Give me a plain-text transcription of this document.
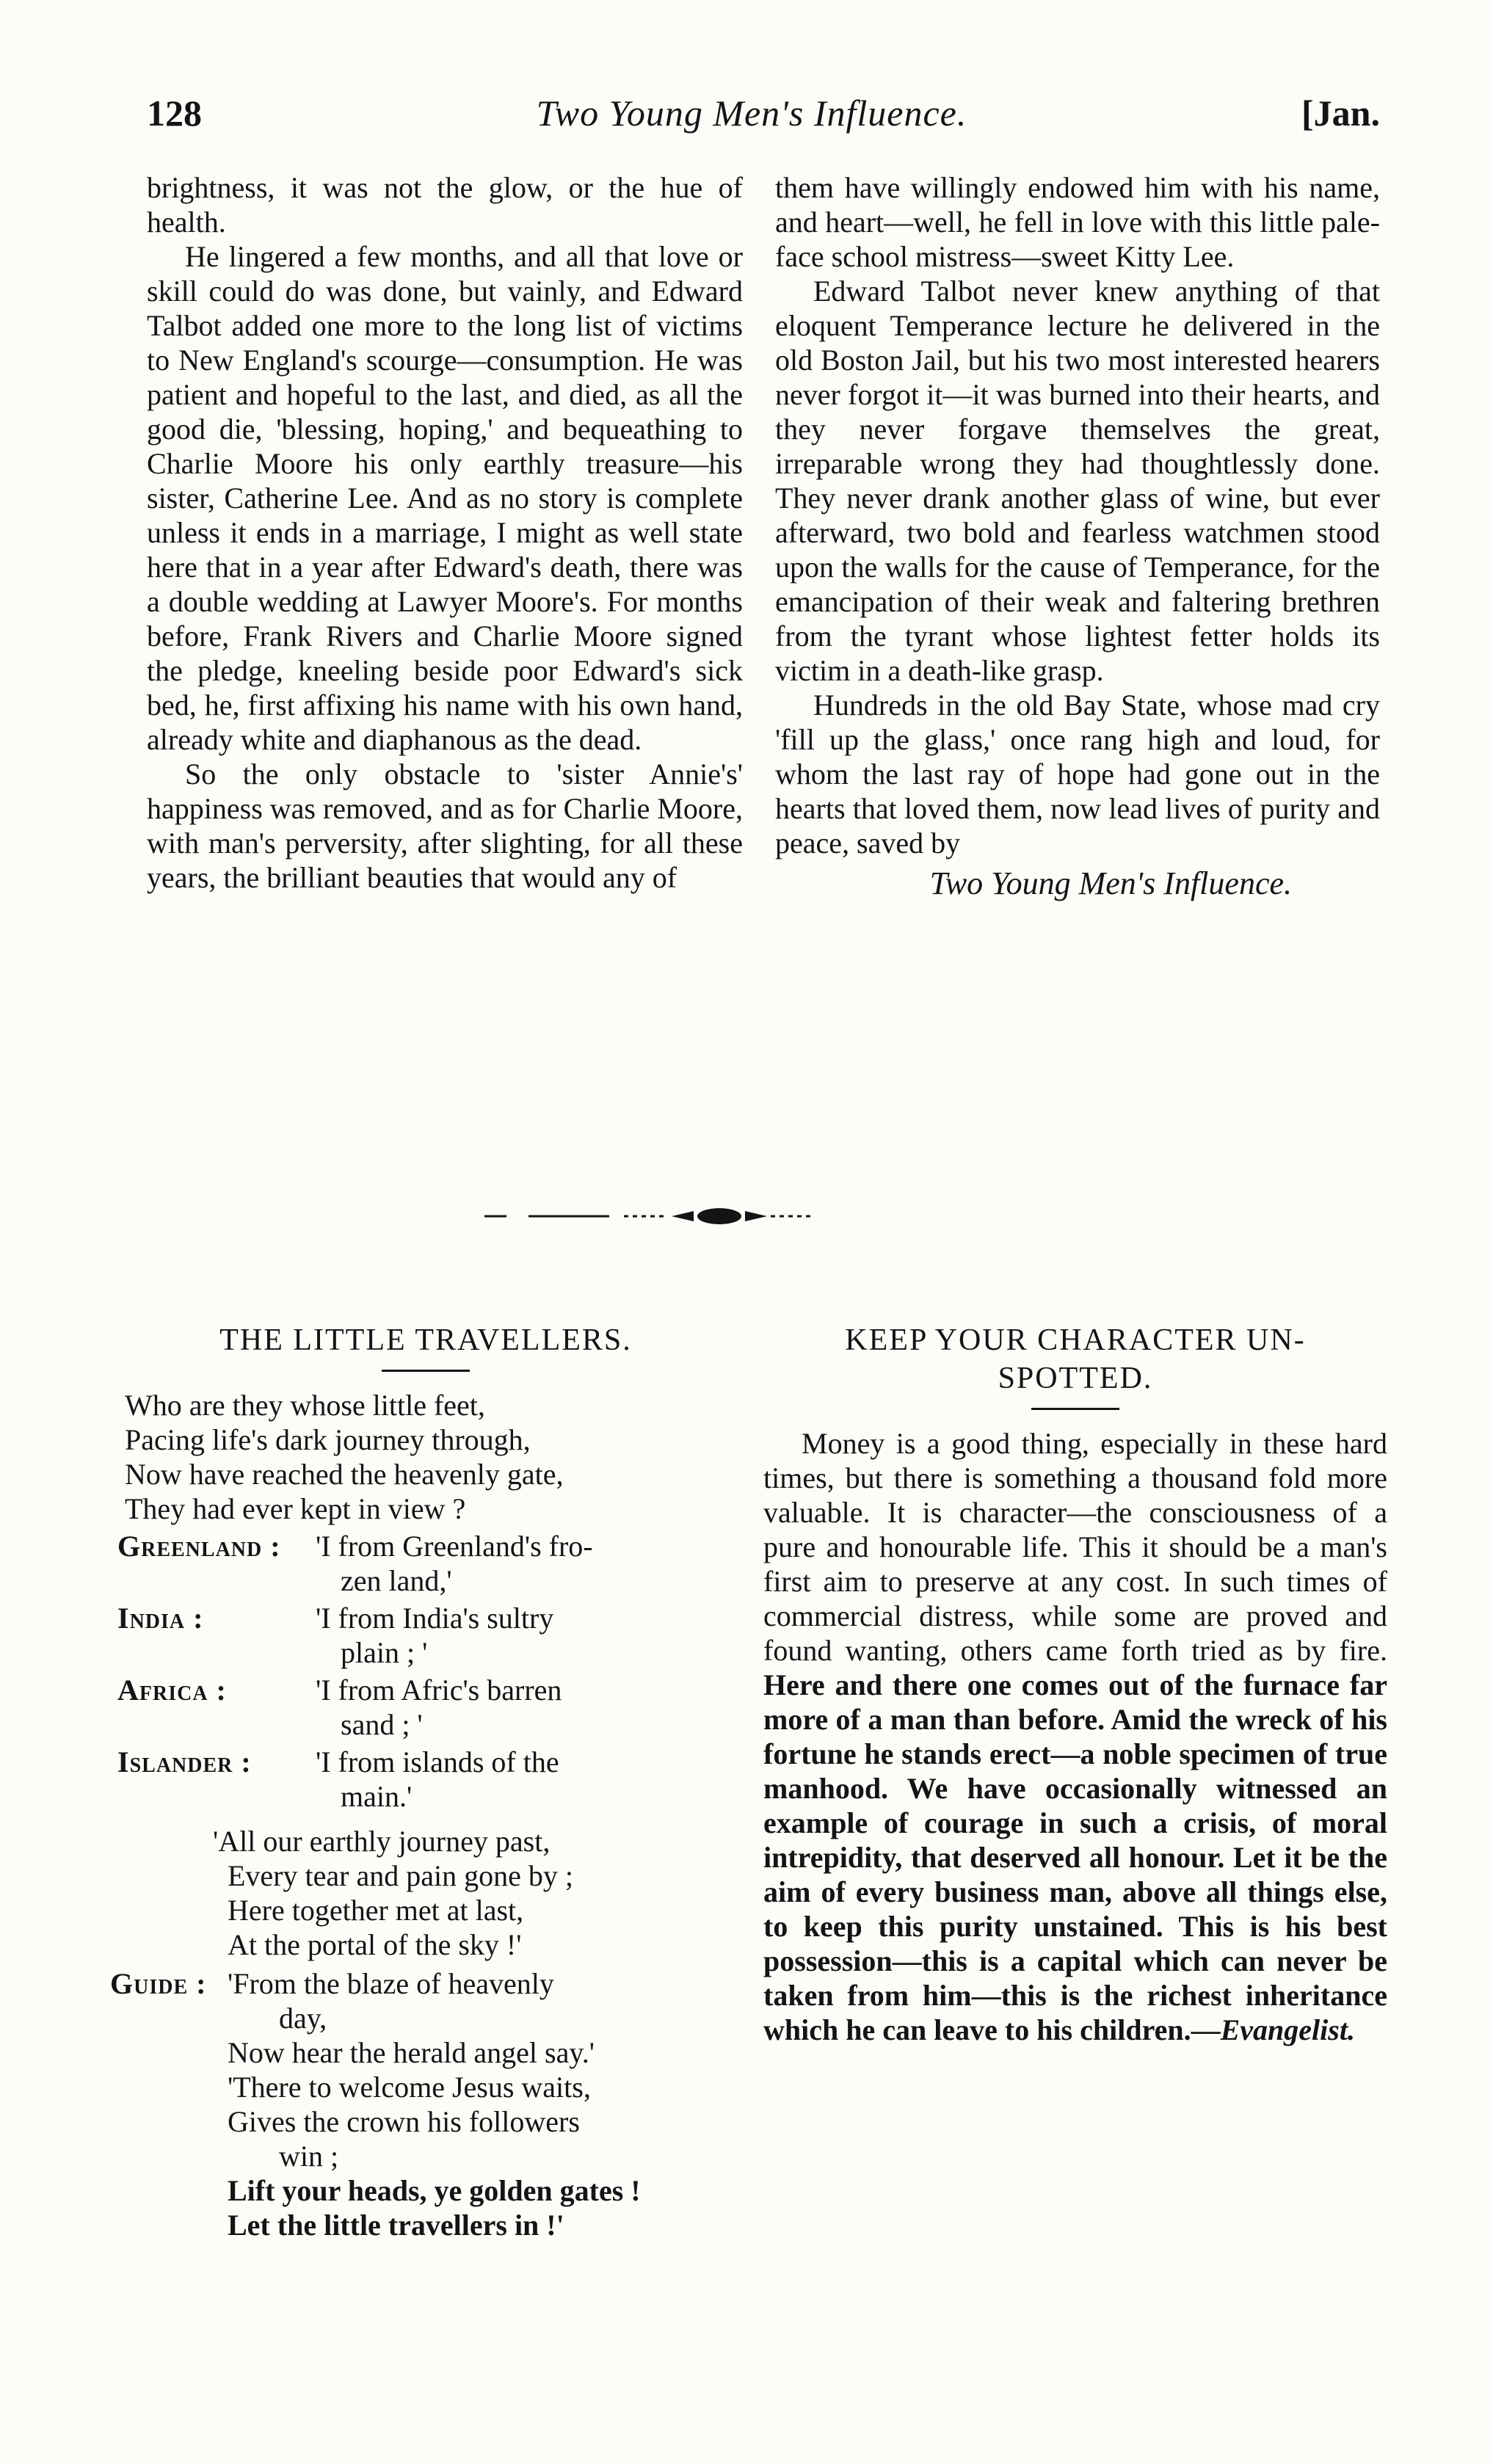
128	Two Young Men's Influence.	[Jan.

brightness, it was not the glow, or the hue of health.

He lingered a few months, and all that love or skill could do was done, but vainly, and Edward Talbot added one more to the long list of victims to New England's scourge—consumption. He was patient and hopeful to the last, and died, as all the good die, 'blessing, hoping,' and bequeathing to Charlie Moore his only earthly treasure—his sister, Catherine Lee. And as no story is complete unless it ends in a marriage, I might as well state here that in a year after Edward's death, there was a double wedding at Lawyer Moore's. For months before, Frank Rivers and Charlie Moore signed the pledge, kneeling beside poor Edward's sick bed, he, first affixing his name with his own hand, already white and diaphanous as the dead.

So the only obstacle to 'sister Annie's' happiness was removed, and as for Charlie Moore, with man's perversity, after slighting, for all these years, the brilliant beauties that would any of

them have willingly endowed him with his name, and heart—well, he fell in love with this little pale-face school mistress—sweet Kitty Lee.

Edward Talbot never knew anything of that eloquent Temperance lecture he delivered in the old Boston Jail, but his two most interested hearers never forgot it—it was burned into their hearts, and they never forgave themselves the great, irreparable wrong they had thoughtlessly done. They never drank another glass of wine, but ever afterward, two bold and fearless watchmen stood upon the walls for the cause of Temperance, for the emancipation of their weak and faltering brethren from the tyrant whose lightest fetter holds its victim in a death-like grasp.

Hundreds in the old Bay State, whose mad cry 'fill up the glass,' once rang high and loud, for whom the last ray of hope had gone out in the hearts that loved them, now lead lives of purity and peace, saved by

Two Young Men's Influence.
THE LITTLE TRAVELLERS.
Who are they whose little feet,
Pacing life's dark journey through,
Now have reached the heavenly gate,
They had ever kept in view ?
Greenland :	'I from Greenland's fro-
zen land,'
India :	'I from India's sultry
plain ; '
Africa :	'I from Afric's barren
sand ; '
Islander :	'I from islands of the
main.'
'All our earthly journey past,
Every tear and pain gone by ;
Here together met at last,
At the portal of the sky !'
Guide : 'From the blaze of heavenly
day,
Now hear the herald angel say.'
'There to welcome Jesus waits,
Gives the crown his followers
win ;
Lift your heads, ye golden gates !
Let the little travellers in !'
KEEP YOUR CHARACTER UN-
SPOTTED.

Money is a good thing, especially in these hard times, but there is something a thousand fold more valuable. It is character—the consciousness of a pure and honourable life. This it should be a man's first aim to preserve at any cost. In such times of commercial distress, while some are proved and found wanting, others came forth tried as by fire. Here and there one comes out of the furnace far more of a man than before. Amid the wreck of his fortune he stands erect—a noble specimen of true manhood. We have occasionally witnessed an example of courage in such a crisis, of moral intrepidity, that deserved all honour. Let it be the aim of every business man, above all things else, to keep this purity unstained. This is his best possession—this is a capital which can never be taken from him—this is the richest inheritance which he can leave to his children.—Evangelist.
